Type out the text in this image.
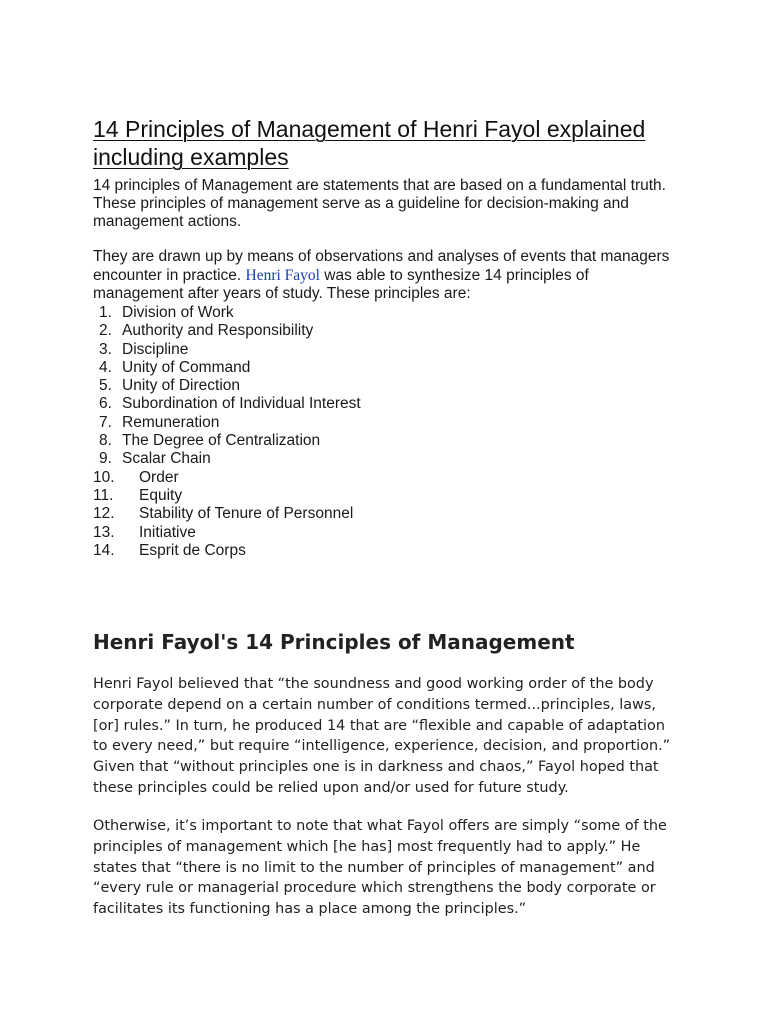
14 Principles of Management of Henri Fayol explained including examples

14 principles of Management are statements that are based on a fundamental truth. These principles of management serve as a guideline for decision-making and management actions.

They are drawn up by means of observations and analyses of events that managers encounter in practice. Henri Fayol was able to synthesize 14 principles of management after years of study. These principles are:

1. Division of Work
2. Authority and Responsibility
3. Discipline
4. Unity of Command
5. Unity of Direction
6. Subordination of Individual Interest
7. Remuneration
8. The Degree of Centralization
9. Scalar Chain
10. Order
11. Equity
12. Stability of Tenure of Personnel
13. Initiative
14. Esprit de Corps
Henri Fayol's 14 Principles of Management

Henri Fayol believed that “the soundness and good working order of the body corporate depend on a certain number of conditions termed...principles, laws, [or] rules.” In turn, he produced 14 that are “flexible and capable of adaptation to every need,” but require “intelligence, experience, decision, and proportion.” Given that “without principles one is in darkness and chaos,” Fayol hoped that these principles could be relied upon and/or used for future study.

Otherwise, it’s important to note that what Fayol offers are simply “some of the principles of management which [he has] most frequently had to apply.” He states that “there is no limit to the number of principles of management” and “every rule or managerial procedure which strengthens the body corporate or facilitates its functioning has a place among the principles.”
